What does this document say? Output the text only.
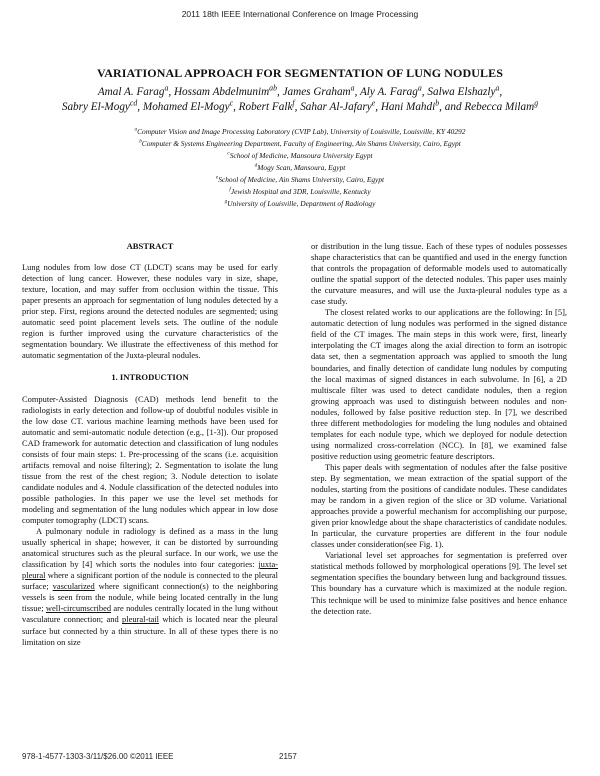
2011 18th IEEE International Conference on Image Processing
VARIATIONAL APPROACH FOR SEGMENTATION OF LUNG NODULES
Amal A. Farag$^a$, Hossam Abdelmunim$^{ab}$, James Graham$^a$, Aly A. Farag$^a$, Salwa Elshazly$^a$,
Sabry El-Mogy$^{cd}$, Mohamed El-Mogy$^c$, Robert Falk$^f$, Sahar Al-Jafary$^e$, Hani Mahdi$^b$, and Rebecca Milam$^g$
$^a$Computer Vision and Image Processing Laboratory (CVIP Lab), University of Louisville, Louisville, KY 40292
$^b$Computer & Systems Engineering Department, Faculty of Engineering, Ain Shams University, Cairo, Egypt
$^c$School of Medicine, Mansoura University Egypt
$^d$Mogy Scan, Mansoura, Egypt
$^e$School of Medicine, Ain Shams University, Cairo, Egypt
$^f$Jewish Hospital and 3DR, Louisville, Kentucky
$^g$University of Louisville, Department of Radiology
ABSTRACT

Lung nodules from low dose CT (LDCT) scans may be used for early detection of lung cancer. However, these nodules vary in size, shape, texture, location, and may suffer from occlusion within the tissue. This paper presents an approach for segmentation of lung nodules detected by a prior step. First, regions around the detected nodules are segmented; using automatic seed point placement levels sets. The outline of the nodule region is further improved using the curvature characteristics of the segmentation boundary. We illustrate the effectiveness of this method for automatic segmentation of the Juxta-pleural nodules.

1. INTRODUCTION

Computer-Assisted Diagnosis (CAD) methods lend benefit to the radiologists in early detection and follow-up of doubtful nodules visible in the low dose CT. various machine learning methods have been used for automatic and semi-automatic nodule detection (e.g., [1-3]). Our proposed CAD framework for automatic detection and classification of lung nodules consists of four main steps: 1. Pre-processing of the scans (i.e. acquisition artifacts removal and noise filtering); 2. Segmentation to isolate the lung tissue from the rest of the chest region; 3. Nodule detection to isolate candidate nodules and 4. Nodule classification of the detected nodules into possible pathologies. In this paper we use the level set methods for modeling and segmentation of the lung nodules which appear in low dose computer tomography (LDCT) scans.

A pulmonary nodule in radiology is defined as a mass in the lung usually spherical in shape; however, it can be distorted by surrounding anatomical structures such as the pleural surface. In our work, we use the classification by [4] which sorts the nodules into four categories: juxta-pleural where a significant portion of the nodule is connected to the pleural surface; vascularized where significant connection(s) to the neighboring vessels is seen from the nodule, while being located centrally in the lung tissue; well-circumscribed are nodules centrally located in the lung without vasculature connection; and pleural-tail which is located near the pleural surface but connected by a thin structure. In all of these types there is no limitation on size

or distribution in the lung tissue. Each of these types of nodules possesses shape characteristics that can be quantified and used in the energy function that controls the propagation of deformable models used to automatically outline the spatial support of the detected nodules. This paper uses mainly the curvature measures, and will use the Juxta-pleural nodules type as a case study.

The closest related works to our applications are the following: In [5], automatic detection of lung nodules was performed in the signed distance field of the CT images. The main steps in this work were, first, linearly interpolating the CT images along the axial direction to form an isotropic data set, then a segmentation approach was applied to smooth the lung boundaries, and finally detection of candidate lung nodules by computing the local maximas of signed distances in each subvolume. In [6], a 2D multiscale filter was used to detect candidate nodules, then a region growing approach was used to distinguish between nodules and non-nodules, followed by false positive reduction step. In [7], we described three different methodologies for modeling the lung nodules and obtained templates for each nodule type, which we deployed for nodule detection using normalized cross-correlation (NCC). In [8], we examined false positive reduction using geometric feature descriptors.

This paper deals with segmentation of nodules after the false positive step. By segmentation, we mean extraction of the spatial support of the nodules, starting from the positions of candidate nodules. These candidates may be random in a given region of the slice or 3D volume. Variational approaches provide a powerful mechanism for accomplishing our purpose, given prior knowledge about the shape characteristics of candidate nodules. In particular, the curvature properties are different in the four nodule classes under consideration(see Fig. 1).

Variational level set approaches for segmentation is preferred over statistical methods followed by morphological operations [9]. The level set segmentation specifies the boundary between lung and background tissues. This boundary has a curvature which is maximized at the nodule region. This technique will be used to minimize false positives and hence enhance the detection rate.

978-1-4577-1303-3/11/$26.00 ©2011 IEEE	2157
